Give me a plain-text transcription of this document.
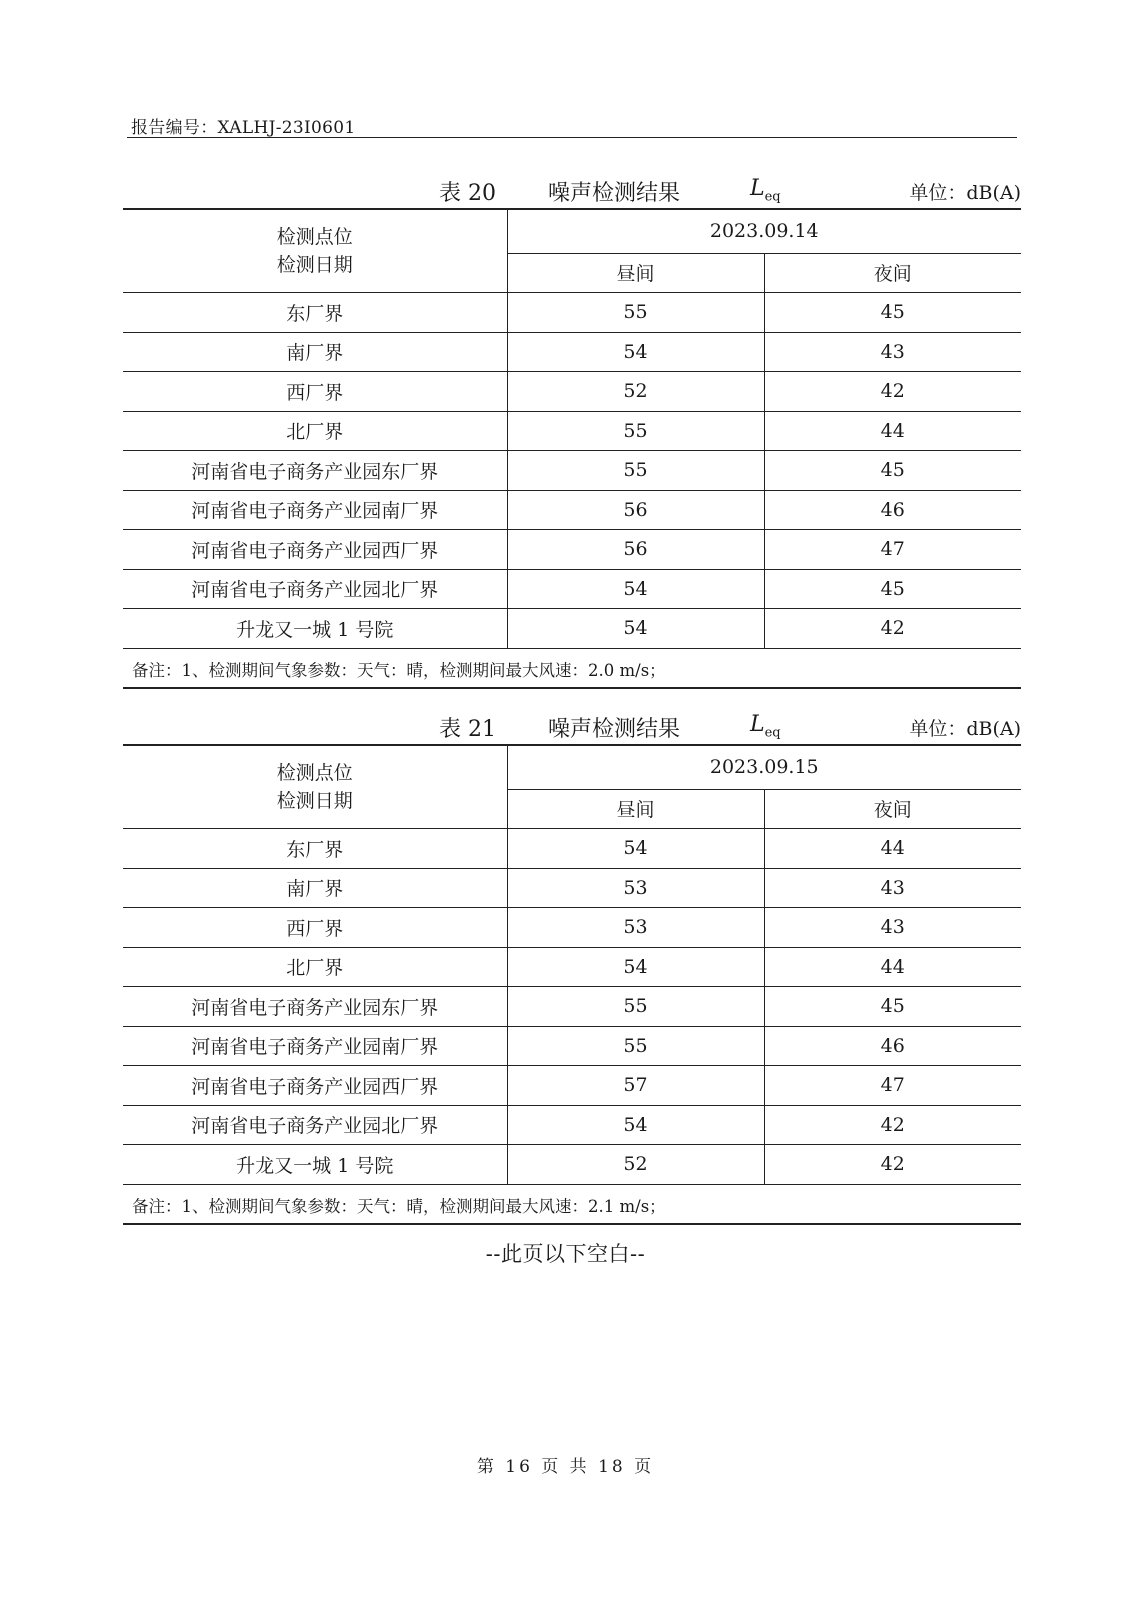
报告编号：XALHJ-23I0601
表 20 噪声检测结果	$L_{eq}$	单位：dB(A)
检测点位
检测日期	2023.09.14	
	昼间	夜间
东厂界	55	45
南厂界	54	43
西厂界	52	42
北厂界	55	44
河南省电子商务产业园东厂界	55	45
河南省电子商务产业园南厂界	56	46
河南省电子商务产业园西厂界	56	47
河南省电子商务产业园北厂界	54	45
升龙又一城 1 号院	54	42
备注：1、检测期间气象参数：天气：晴，检测期间最大风速：2.0 m/s；
表 21 噪声检测结果	$L_{eq}$	单位：dB(A)
检测点位
检测日期	2023.09.15	
	昼间	夜间
东厂界	54	44
南厂界	53	43
西厂界	53	43
北厂界	54	44
河南省电子商务产业园东厂界	55	45
河南省电子商务产业园南厂界	55	46
河南省电子商务产业园西厂界	57	47
河南省电子商务产业园北厂界	54	42
升龙又一城 1 号院	52	42
备注：1、检测期间气象参数：天气：晴，检测期间最大风速：2.1 m/s；
--此页以下空白--
第 16 页 共 18 页
